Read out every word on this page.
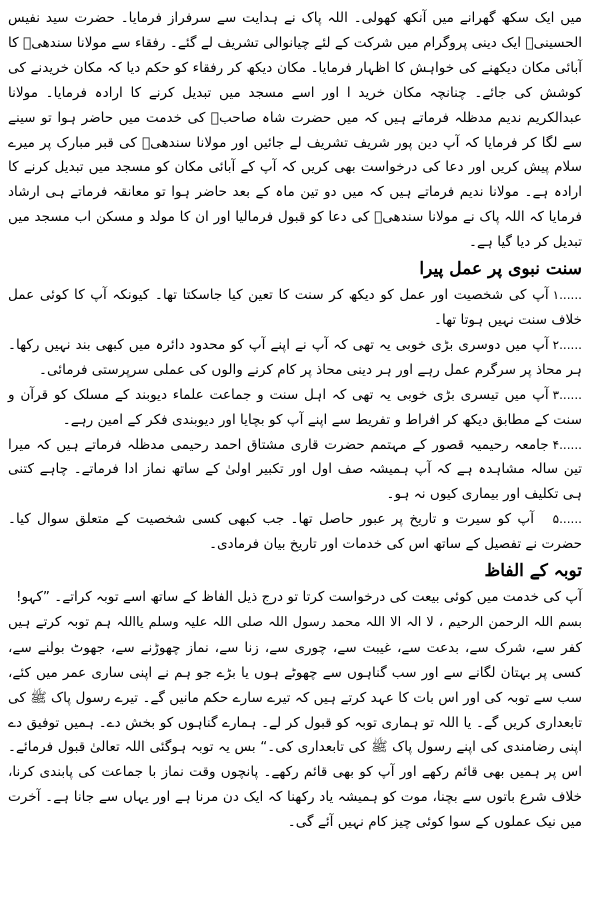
میں ایک سکھ گھرانے میں آنکھ کھولی۔ اللہ پاک نے ہدایت سے سرفراز فرمایا۔ حضرت سید نفیس الحسینیؒ ایک دینی پروگرام میں شرکت کے لئے چیانوالی تشریف لے گئے۔ رفقاء سے مولانا سندھیؒ کا آبائی مکان دیکھنے کی خواہش کا اظہار فرمایا۔ مکان دیکھ کر رفقاء کو حکم دیا کہ مکان خریدنے کی کوشش کی جائے۔ چنانچہ مکان خرید ا اور اسے مسجد میں تبدیل کرنے کا ارادہ فرمایا۔ مولانا عبدالکریم ندیم مدظلہ فرماتے ہیں کہ میں حضرت شاہ صاحبؒ کی خدمت میں حاضر ہوا تو سینے سے لگا کر فرمایا کہ آپ دین پور شریف تشریف لے جائیں اور مولانا سندھیؒ کی قبر مبارک پر میرے سلام پیش کریں اور دعا کی درخواست بھی کریں کہ آپ کے آبائی مکان کو مسجد میں تبدیل کرنے کا ارادہ ہے۔ مولانا ندیم فرماتے ہیں کہ میں دو تین ماہ کے بعد حاضر ہوا تو معانقہ فرماتے ہی ارشاد فرمایا کہ اللہ پاک نے مولانا سندھیؒ کی دعا کو قبول فرمالیا اور ان کا مولد و مسکن اب مسجد میں تبدیل کر دیا گیا ہے۔

سنت نبوی پر عمل پیرا
۱......آپ کی شخصیت اور عمل کو دیکھ کر سنت کا تعین کیا جاسکتا تھا۔ کیونکہ آپ کا کوئی عمل خلاف سنت نہیں ہوتا تھا۔
۲......آپ میں دوسری بڑی خوبی یہ تھی کہ آپ نے اپنے آپ کو محدود دائرہ میں کبھی بند نہیں رکھا۔ ہر محاذ پر سرگرم عمل رہے اور ہر دینی محاذ پر کام کرنے والوں کی عملی سرپرستی فرمائی۔
۳......آپ میں تیسری بڑی خوبی یہ تھی کہ اہل سنت و جماعت علماء دیوبند کے مسلک کو قرآن و سنت کے مطابق دیکھ کر افراط و تفریط سے اپنے آپ کو بچایا اور دیوبندی فکر کے امین رہے۔
۴......جامعہ رحیمیہ قصور کے مہتمم حضرت قاری مشتاق احمد رحیمی مدظلہ فرماتے ہیں کہ میرا تین سالہ مشاہدہ ہے کہ آپ ہمیشہ صف اول اور تکبیر اولیٰ کے ساتھ نماز ادا فرماتے۔ چاہے کتنی ہی تکلیف اور بیماری کیوں نہ ہو۔
۵......آپ کو سیرت و تاریخ پر عبور حاصل تھا۔ جب کبھی کسی شخصیت کے متعلق سوال کیا۔ حضرت نے تفصیل کے ساتھ اس کی خدمات اور تاریخ بیان فرمادی۔
توبہ کے الفاظ

آپ کی خدمت میں کوئی بیعت کی درخواست کرتا تو درج ذیل الفاظ کے ساتھ اسے توبہ کراتے۔ ”کہو!

بسم اللہ الرحمن الرحیم ، لا الہ الا اللہ محمد رسول اللہ صلی اللہ علیہ وسلم یااللہ ہم توبہ کرتے ہیں کفر سے، شرک سے، بدعت سے، غیبت سے، چوری سے، زنا سے، نماز چھوڑنے سے، جھوٹ بولنے سے، کسی پر بہتان لگانے سے اور سب گناہوں سے چھوٹے ہوں یا بڑے جو ہم نے اپنی ساری عمر میں کئے، سب سے توبہ کی اور اس بات کا عہد کرتے ہیں کہ تیرے سارے حکم مانیں گے۔ تیرے رسول پاک ﷺ کی تابعداری کریں گے۔ یا اللہ تو ہماری توبہ کو قبول کر لے۔ ہمارے گناہوں کو بخش دے۔ ہمیں توفیق دے اپنی رضامندی کی اپنے رسول پاک ﷺ کی تابعداری کی۔“ بس یہ توبہ ہوگئی اللہ تعالیٰ قبول فرمائے۔ اس پر ہمیں بھی قائم رکھے اور آپ کو بھی قائم رکھے۔ پانچوں وقت نماز با جماعت کی پابندی کرنا، خلاف شرع باتوں سے بچنا، موت کو ہمیشہ یاد رکھنا کہ ایک دن مرنا ہے اور یہاں سے جانا ہے۔ آخرت میں نیک عملوں کے سوا کوئی چیز کام نہیں آئے گی۔
